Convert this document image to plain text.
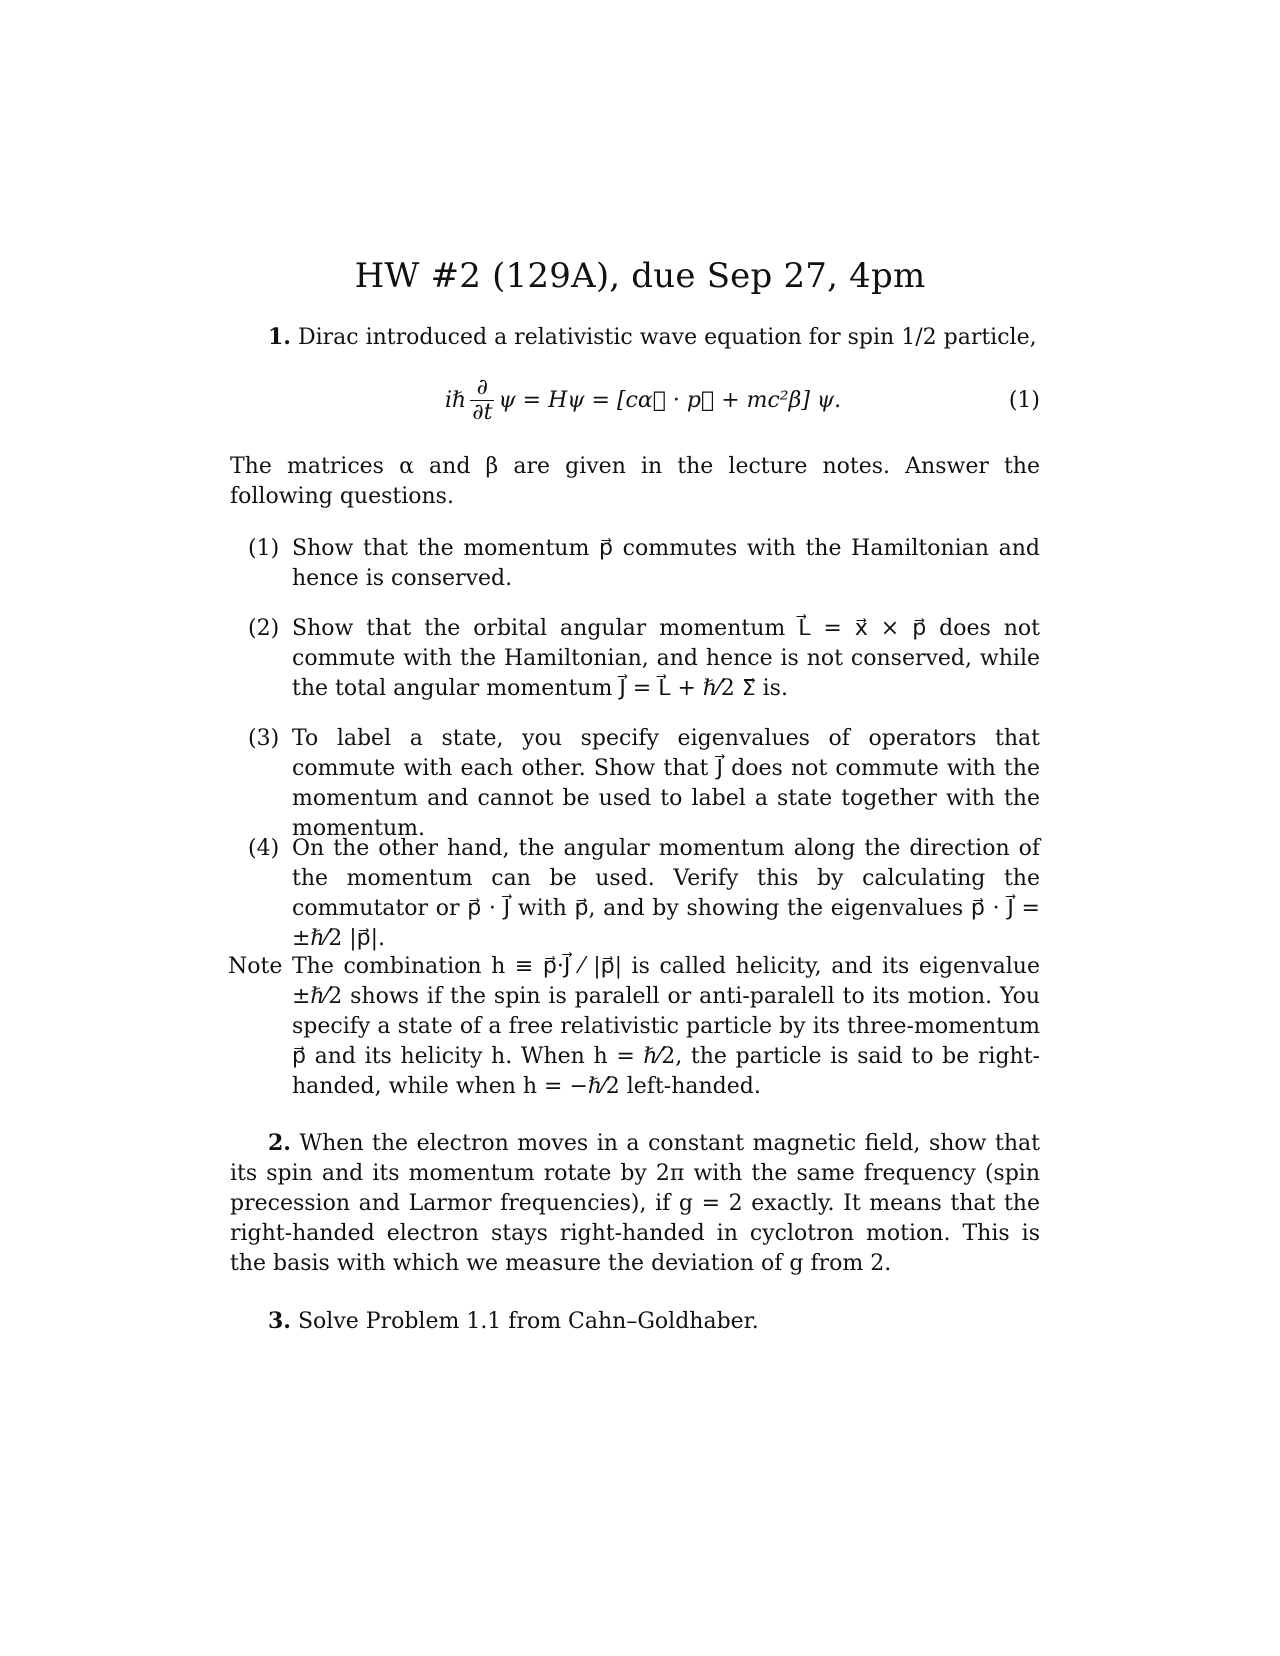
HW #2 (129A), due Sep 27, 4pm
1. Dirac introduced a relativistic wave equation for spin 1/2 particle,
iℏ $\frac{\partial}{\partial t}$ ψ = Hψ = [cα⃗ · p⃗ + mc²β] ψ.	(1)
The matrices α and β are given in the lecture notes. Answer the following questions.
(1) Show that the momentum p⃗ commutes with the Hamiltonian and hence is conserved.
(2) Show that the orbital angular momentum L⃗ = x⃗ × p⃗ does not commute with the Hamiltonian, and hence is not conserved, while the total angular momentum J⃗ = L⃗ + ℏ⁄2 Σ⃗ is.
(3) To label a state, you specify eigenvalues of operators that commute with each other. Show that J⃗ does not commute with the momentum and cannot be used to label a state together with the momentum.
(4) On the other hand, the angular momentum along the direction of the momentum can be used. Verify this by calculating the commutator or p⃗ · J⃗ with p⃗, and by showing the eigenvalues p⃗ · J⃗ = ±ℏ⁄2 |p⃗|.
Note The combination h ≡ p⃗·J⃗ ⁄ |p⃗| is called helicity, and its eigenvalue ±ℏ⁄2 shows if the spin is paralell or anti-paralell to its motion. You specify a state of a free relativistic particle by its three-momentum p⃗ and its helicity h. When h = ℏ⁄2, the particle is said to be right-handed, while when h = −ℏ⁄2 left-handed.
2. When the electron moves in a constant magnetic field, show that its spin and its momentum rotate by 2π with the same frequency (spin precession and Larmor frequencies), if g = 2 exactly. It means that the right-handed electron stays right-handed in cyclotron motion. This is the basis with which we measure the deviation of g from 2.
3. Solve Problem 1.1 from Cahn–Goldhaber.
